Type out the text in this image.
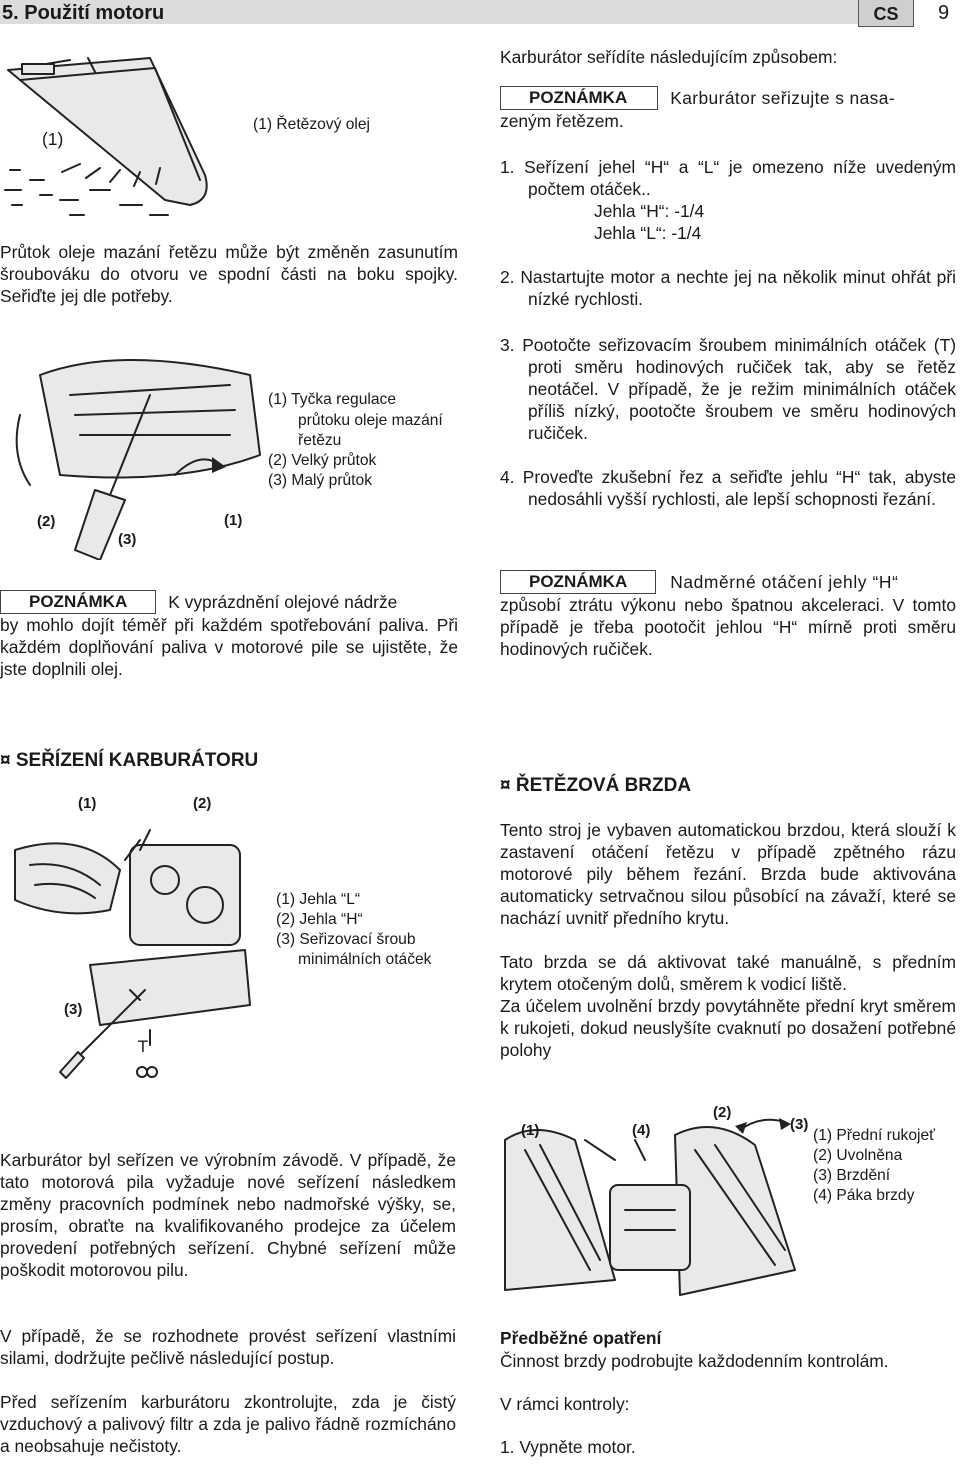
5. Použití motoru	CS	9
(1)
(1) Řetězový olej
Průtok oleje mazání řetězu může být změněn zasunutím šroubováku do otvoru ve spodní části na boku spojky. Seřiďte jej dle potřeby.
(2)
(3)
(1)
(1) Tyčka regulace
průtoku oleje mazání
řetězu
(2) Velký průtok
(3) Malý průtok
POZNÁMKA	K vyprázdnění olejové nádrže
by mohlo dojít téměř při každém spotřebování paliva. Při každém doplňování paliva v motorové pile se ujistěte, že jste doplnili olej.
¤ SEŘÍZENÍ KARBURÁTORU
T
(1)	(2)
(3)
(1) Jehla “L“
(2) Jehla “H“
(3) Seřizovací šroub
minimálních otáček
Karburátor byl seřízen ve výrobním závodě. V případě, že tato motorová pila vyžaduje nové seřízení následkem změny pracovních podmínek nebo nadmořské výšky, se, prosím, obraťte na kvalifikovaného prodejce za účelem provedení potřebných seřízení. Chybné seřízení může poškodit motorovou pilu.
V případě, že se rozhodnete provést seřízení vlastními silami, dodržujte pečlivě následující postup.
Před seřízením karburátoru zkontrolujte, zda je čistý vzduchový a palivový filtr a zda je palivo řádně rozmícháno a neobsahuje nečistoty.
Karburátor seřídíte následujícím způsobem:
POZNÁMKA	Karburátor seřizujte s nasa-
zeným řetězem.
1. Seřízení jehel “H“ a “L“ je omezeno níže uvedeným počtem otáček..
Jehla “H“: -1/4
Jehla “L“: -1/4
2. Nastartujte motor a nechte jej na několik minut ohřát při nízké rychlosti.
3. Pootočte seřizovacím šroubem minimálních otáček (T) proti směru hodinových ručiček tak, aby se řetěz neotáčel. V případě, že je režim minimálních otáček příliš nízký, pootočte šroubem ve směru hodinových ručiček.
4. Proveďte zkušební řez a seřiďte jehlu “H“ tak, abyste nedosáhli vyšší rychlosti, ale lepší schopnosti řezání.
POZNÁMKA	Nadměrné otáčení jehly “H“
způsobí ztrátu výkonu nebo špatnou akceleraci. V tomto případě je třeba pootočit jehlou “H“ mírně proti směru hodinových ručiček.
¤ ŘETĚZOVÁ BRZDA
Tento stroj je vybaven automatickou brzdou, která slouží k zastavení otáčení řetězu v případě zpětného rázu motorové pily během řezání. Brzda bude aktivována automaticky setrvačnou silou působící na závaží, které se nachází uvnitř předního krytu.
Tato brzda se dá aktivovat také manuálně, s předním krytem otočeným dolů, směrem k vodicí liště.
Za účelem uvolnění brzdy povytáhněte přední kryt směrem k rukojeti, dokud neuslyšíte cvaknutí po dosažení potřebné polohy
(1)	(4)
(2)
(3)
(1) Přední rukojeť
(2) Uvolněna
(3) Brzdění
(4) Páka brzdy
Předběžné opatření
Činnost brzdy podrobujte každodenním kontrolám.
V rámci kontroly:
1. Vypněte motor.
